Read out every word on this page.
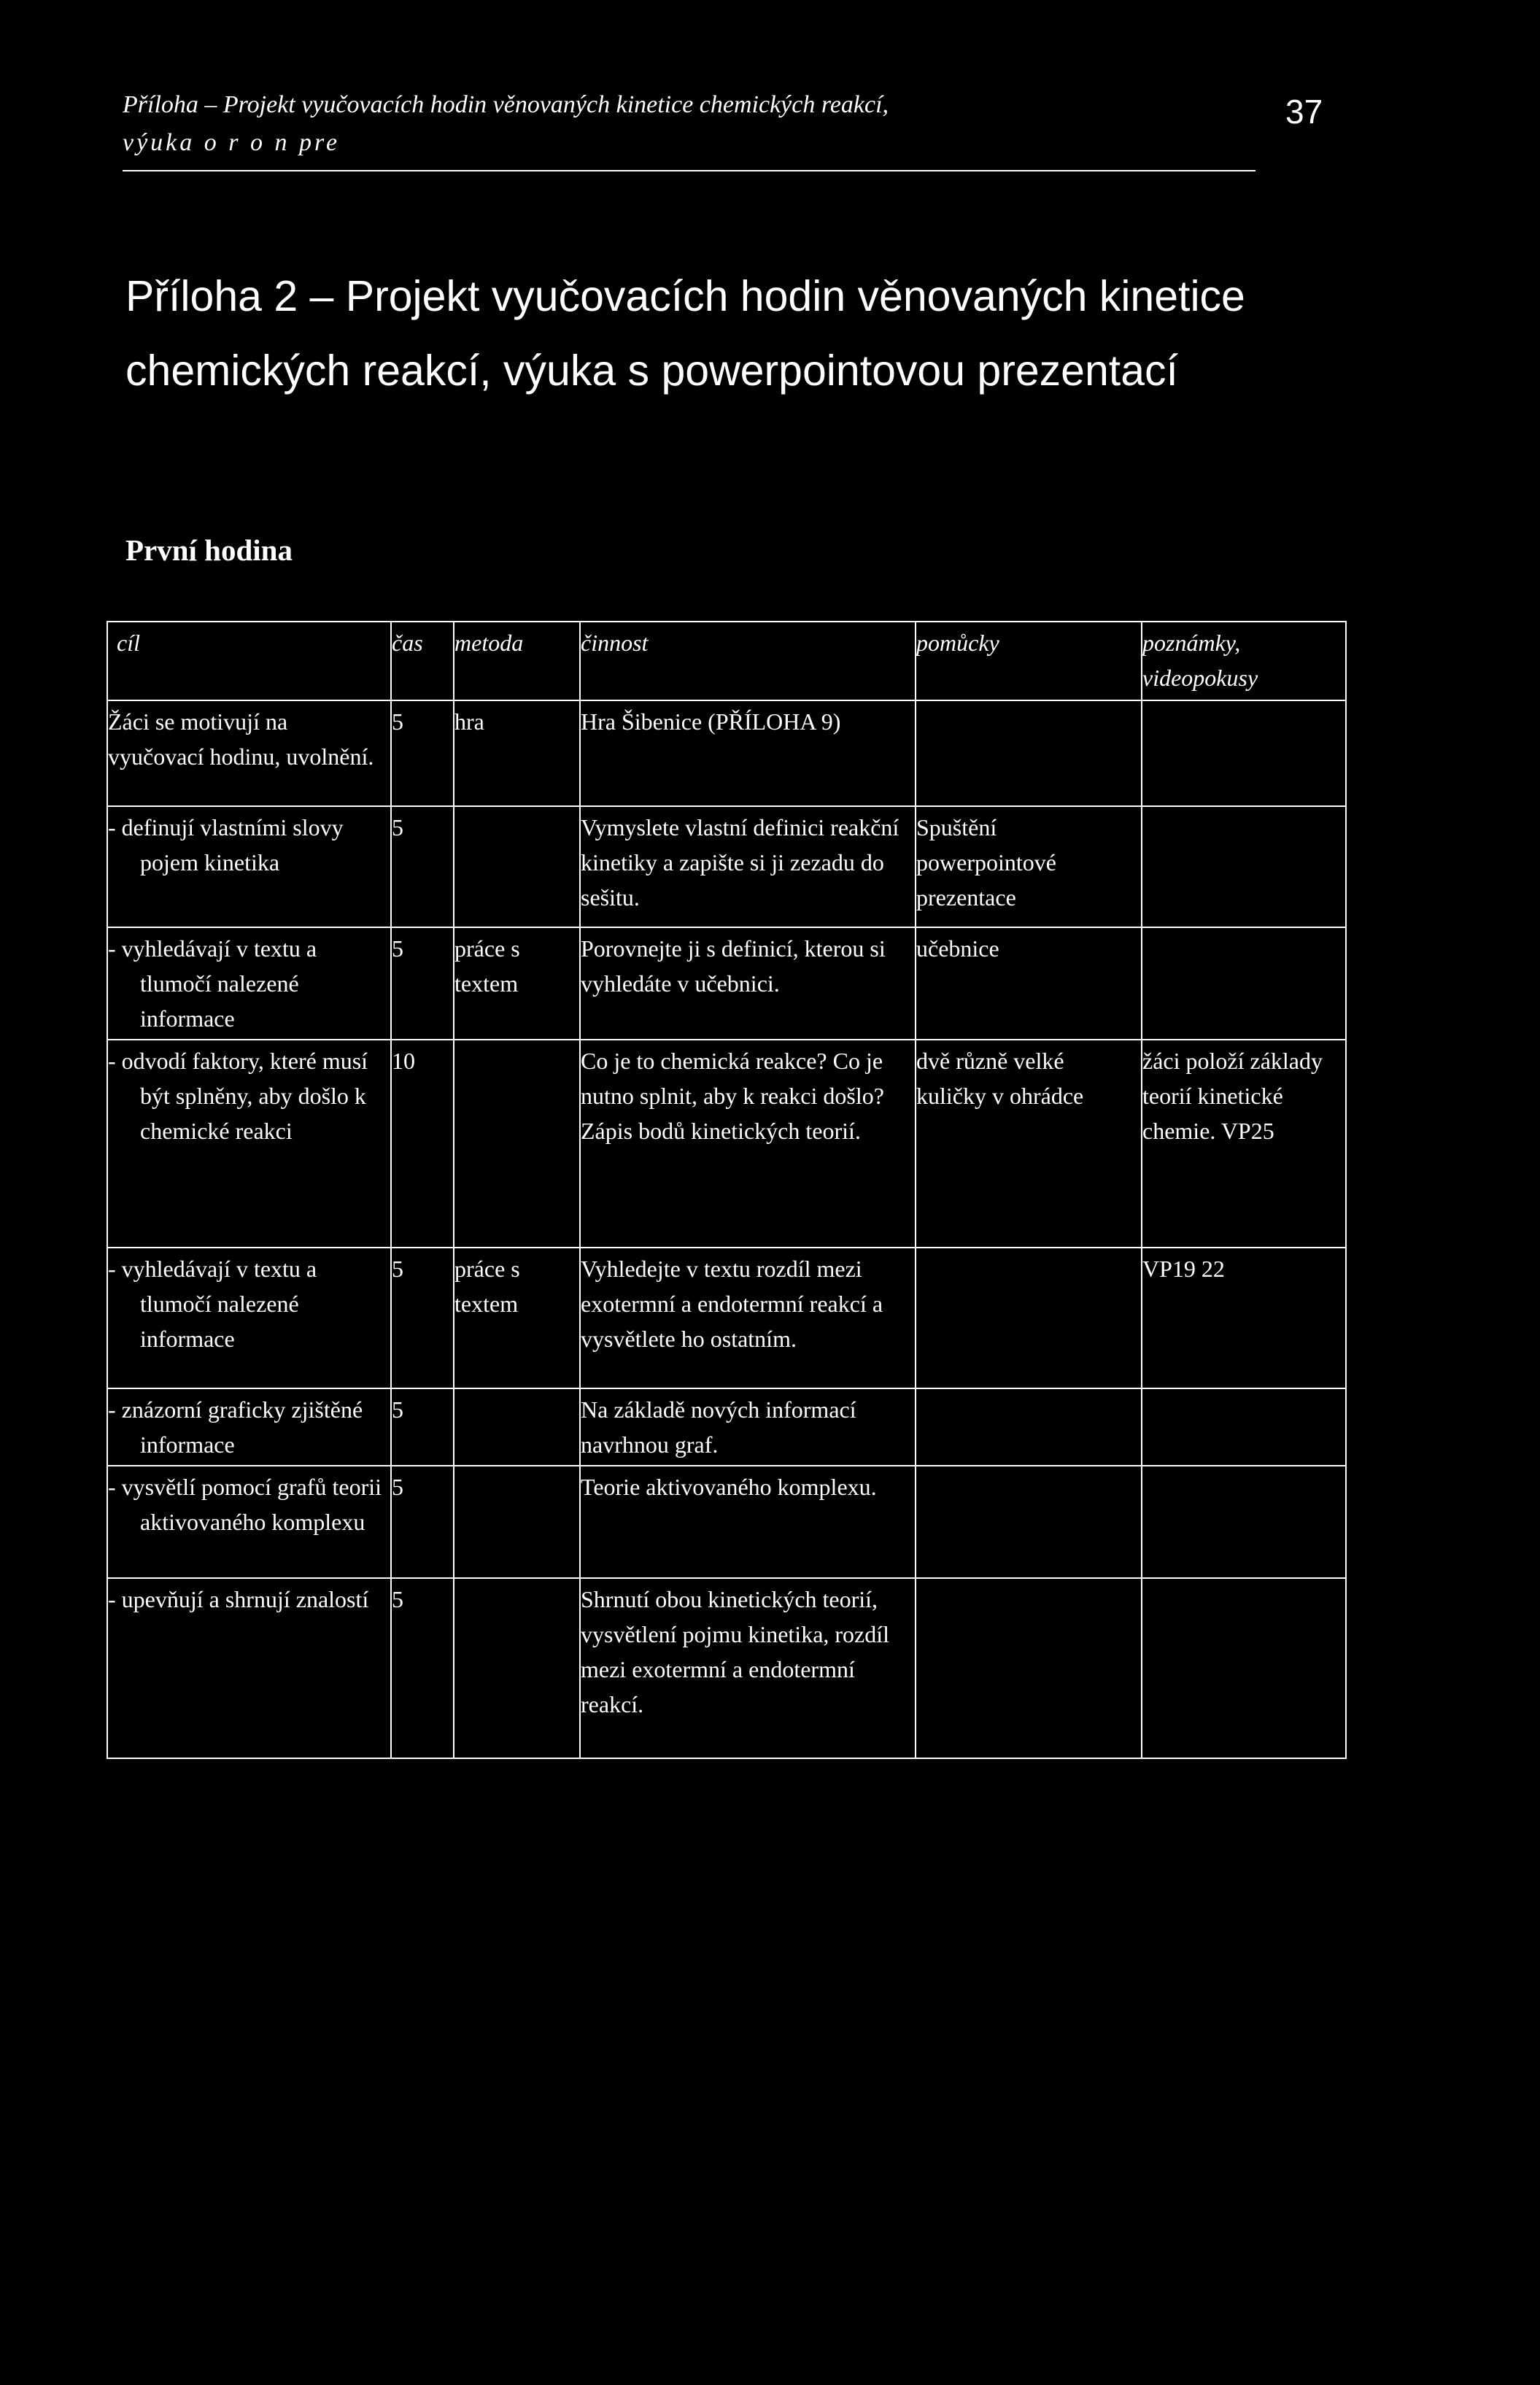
Příloha – Projekt vyučovacích hodin věnovaných kinetice chemických reakcí,
výuka o r o n pre
37
Příloha 2 – Projekt vyučovacích hodin věnovaných kinetice chemických reakcí, výuka s powerpointovou prezentací
První hodina
cíl	čas	metoda	činnost	pomůcky	poznámky, videopokusy
Žáci se motivují na vyučovací hodinu, uvolnění.	5	hra	Hra Šibenice (PŘÍLOHA 9)		

- definují vlastními slovy pojem kinetika	5		Vymyslete vlastní definici reakční kinetiky a zapište si ji zezadu do sešitu.	Spuštění powerpointové prezentace	

- vyhledávají v textu a tlumočí nalezené informace	5	práce s textem	Porovnejte ji s definicí, kterou si vyhledáte v učebnici.	učebnice	

- odvodí faktory, které musí být splněny, aby došlo k chemické reakci	10		Co je to chemická reakce? Co je nutno splnit, aby k reakci došlo? Zápis bodů kinetických teorií.	dvě různě velké kuličky v ohrádce	žáci položí základy teorií kinetické chemie. VP25

- vyhledávají v textu a tlumočí nalezené informace	5	práce s textem	Vyhledejte v textu rozdíl mezi exotermní a endotermní reakcí a vysvětlete ho ostatním.		VP19 22

- znázorní graficky zjištěné informace	5		Na základě nových informací navrhnou graf.		

- vysvětlí pomocí grafů teorii aktivovaného komplexu	5		Teorie aktivovaného komplexu.		

- upevňují a shrnují znalostí	5		Shrnutí obou kinetických teorií, vysvětlení pojmu kinetika, rozdíl mezi exotermní a endotermní reakcí.		
